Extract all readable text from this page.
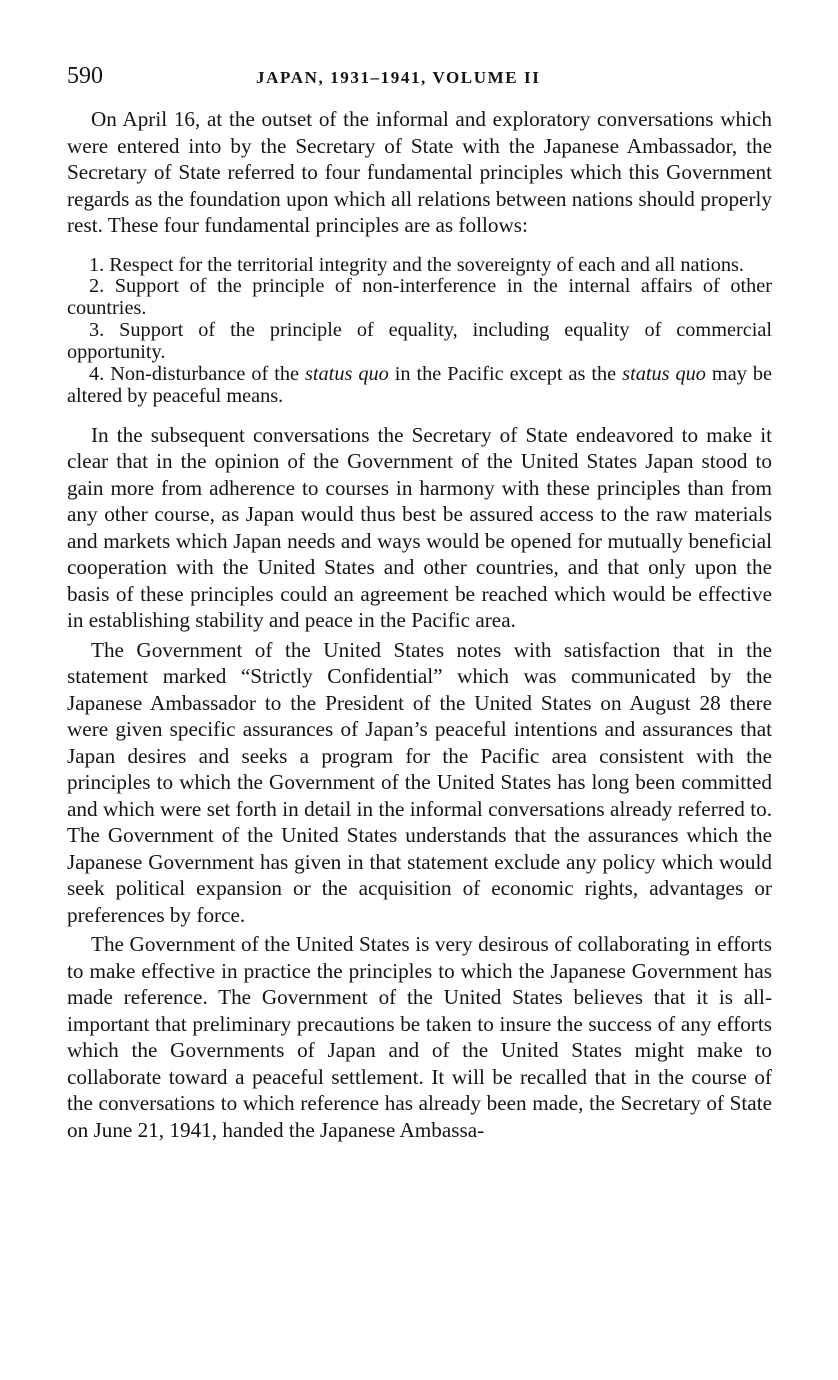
590	JAPAN, 1931–1941, VOLUME II

On April 16, at the outset of the informal and exploratory conversations which were entered into by the Secretary of State with the Japanese Ambassador, the Secretary of State referred to four fundamental principles which this Government regards as the foundation upon which all relations between nations should properly rest. These four fundamental principles are as follows:

1. Respect for the territorial integrity and the sovereignty of each and all nations.

2. Support of the principle of non-interference in the internal affairs of other countries.

3. Support of the principle of equality, including equality of commercial opportunity.

4. Non-disturbance of the status quo in the Pacific except as the status quo may be altered by peaceful means.

In the subsequent conversations the Secretary of State endeavored to make it clear that in the opinion of the Government of the United States Japan stood to gain more from adherence to courses in harmony with these principles than from any other course, as Japan would thus best be assured access to the raw materials and markets which Japan needs and ways would be opened for mutually beneficial cooperation with the United States and other countries, and that only upon the basis of these principles could an agreement be reached which would be effective in establishing stability and peace in the Pacific area.

The Government of the United States notes with satisfaction that in the statement marked “Strictly Confidential” which was communicated by the Japanese Ambassador to the President of the United States on August 28 there were given specific assurances of Japan’s peaceful intentions and assurances that Japan desires and seeks a program for the Pacific area consistent with the principles to which the Government of the United States has long been committed and which were set forth in detail in the informal conversations already referred to. The Government of the United States understands that the assurances which the Japanese Government has given in that statement exclude any policy which would seek political expansion or the acquisition of economic rights, advantages or preferences by force.

The Government of the United States is very desirous of collaborating in efforts to make effective in practice the principles to which the Japanese Government has made reference. The Government of the United States believes that it is all-important that preliminary precautions be taken to insure the success of any efforts which the Governments of Japan and of the United States might make to collaborate toward a peaceful settlement. It will be recalled that in the course of the conversations to which reference has already been made, the Secretary of State on June 21, 1941, handed the Japanese Ambassa-
